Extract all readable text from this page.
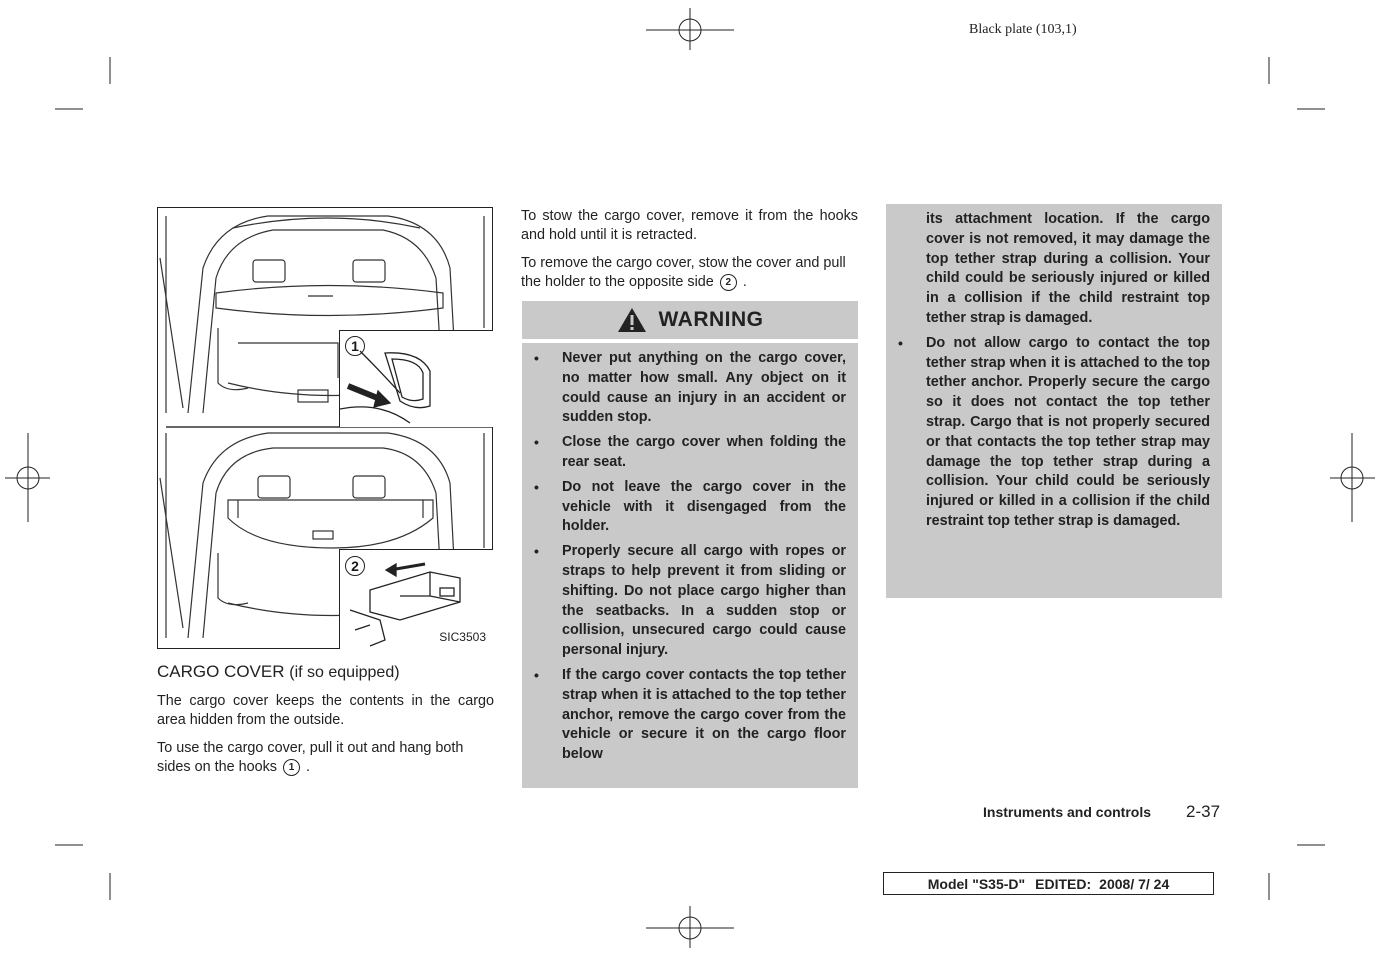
Black plate (103,1)
1
2
SIC3503
CARGO COVER (if so equipped)

The cargo cover keeps the contents in the cargo area hidden from the outside.

To use the cargo cover, pull it out and hang both sides on the hooks 1 .

To stow the cargo cover, remove it from the hooks and hold until it is retracted.

To remove the cargo cover, stow the cover and pull the holder to the opposite side 2 .

WARNING
• Never put anything on the cargo cover, no matter how small. Any object on it could cause an injury in an accident or sudden stop.
• Close the cargo cover when folding the rear seat.
• Do not leave the cargo cover in the vehicle with it disengaged from the holder.
• Properly secure all cargo with ropes or straps to help prevent it from sliding or shifting. Do not place cargo higher than the seatbacks. In a sudden stop or collision, unsecured cargo could cause personal injury.
• If the cargo cover contacts the top tether strap when it is attached to the top tether anchor, remove the cargo cover from the vehicle or secure it on the cargo floor below
its attachment location. If the cargo cover is not removed, it may damage the top tether strap during a collision. Your child could be seriously injured or killed in a collision if the child restraint top tether strap is damaged.
• Do not allow cargo to contact the top tether strap when it is attached to the top tether anchor. Properly secure the cargo so it does not contact the top tether strap. Cargo that is not properly secured or that contacts the top tether strap may damage the top tether strap during a collision. Your child could be seriously injured or killed in a collision if the child restraint top tether strap is damaged.
Instruments and controls 2-37
Model "S35-D" EDITED: 2008/ 7/ 24
